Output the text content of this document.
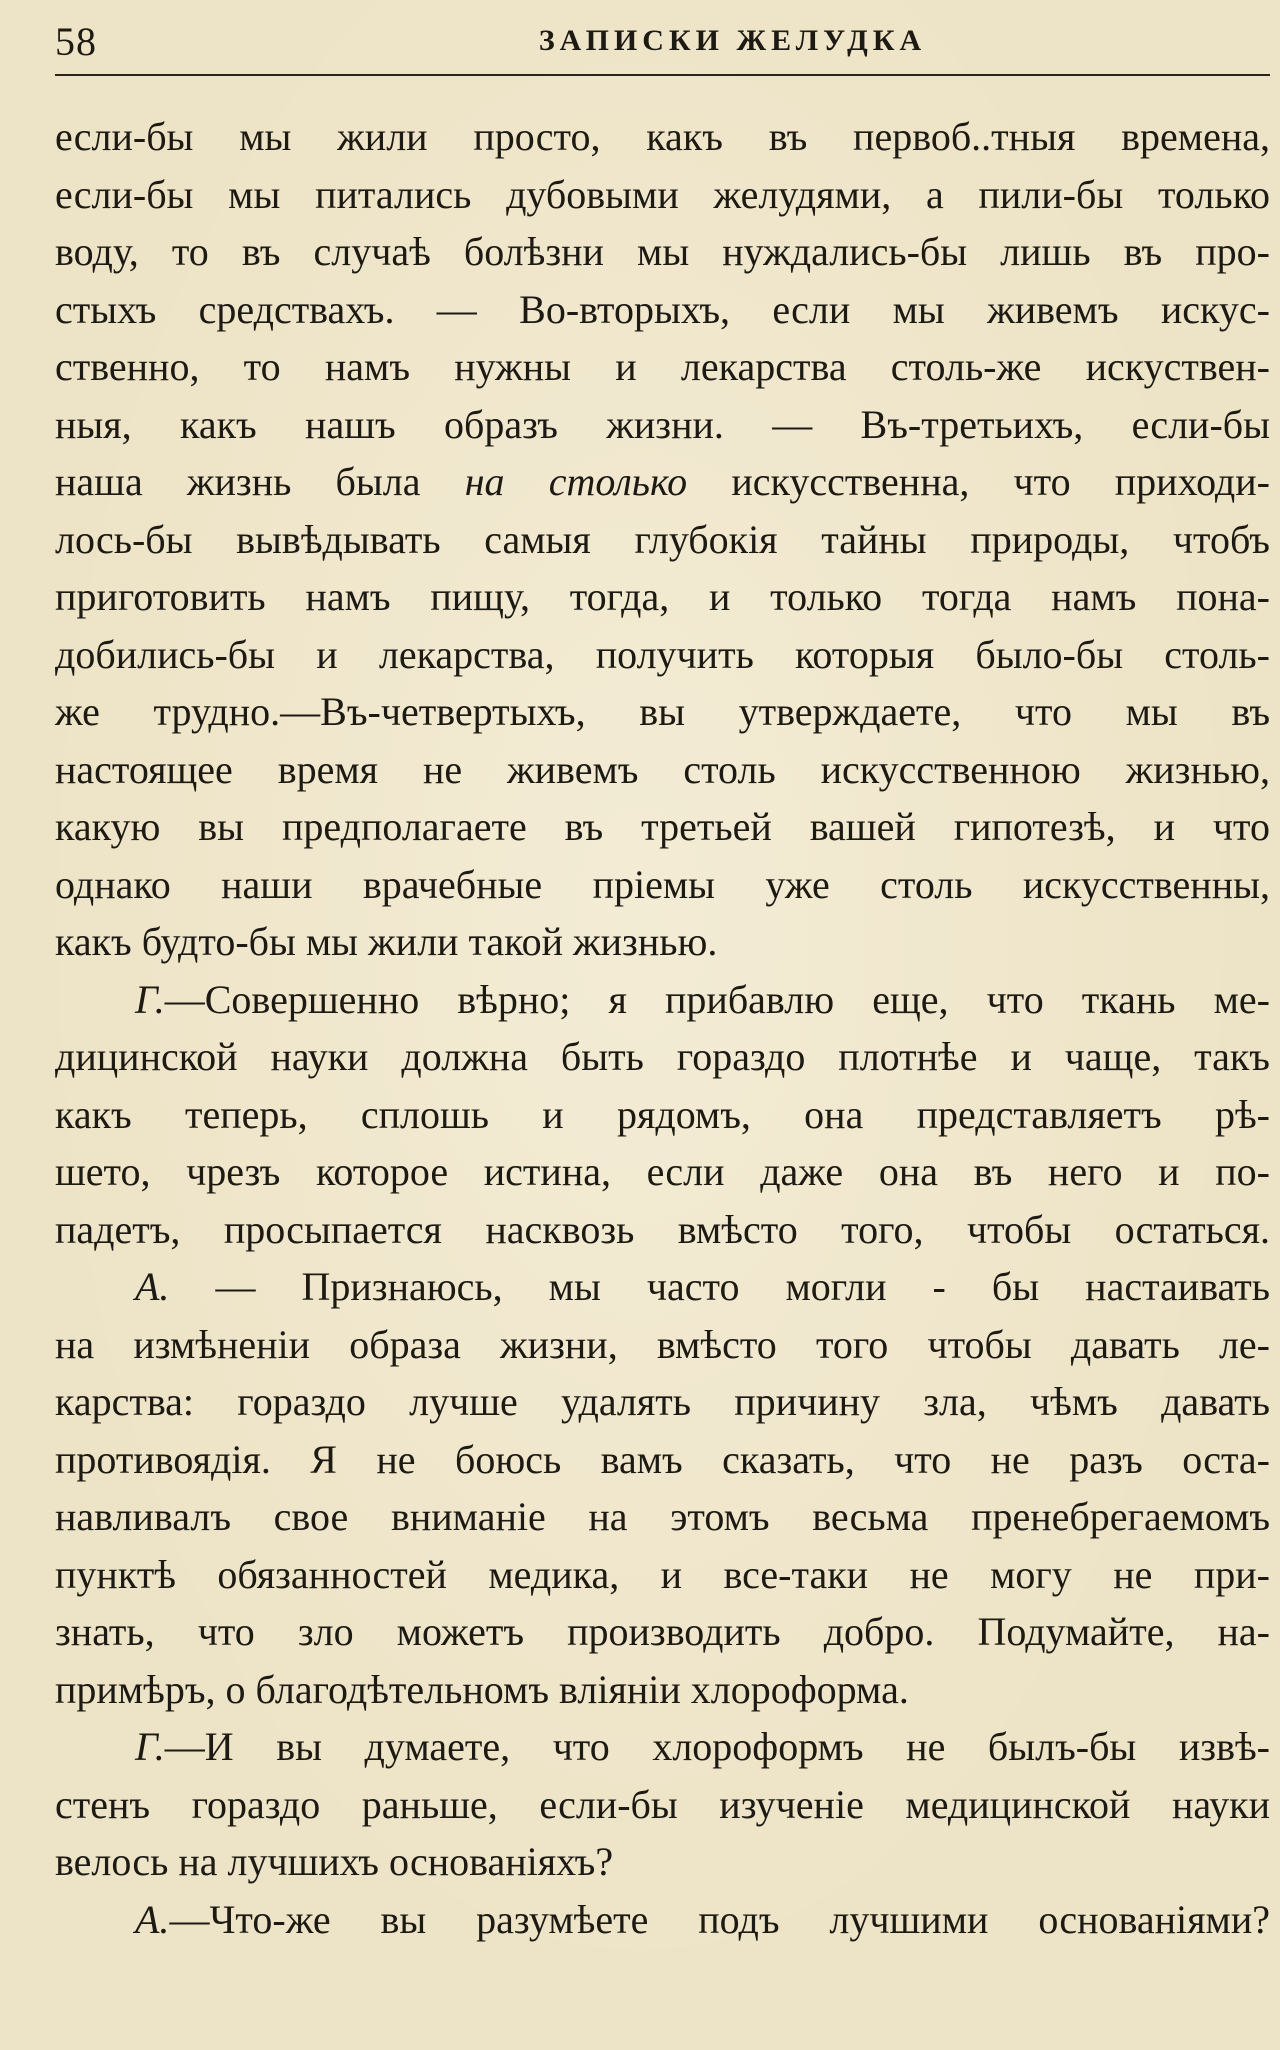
58	ЗАПИСКИ ЖЕЛУДКА
если-бы мы жили просто, какъ въ первоб..тныя времена,
если-бы мы питались дубовыми желудями, а пили-бы только
воду, то въ случаѣ болѣзни мы нуждались-бы лишь въ про-
стыхъ средствахъ. — Во-вторыхъ, если мы живемъ искус-
ственно, то намъ нужны и лекарства столь-же искуствен-
ныя, какъ нашъ образъ жизни. — Въ-третьихъ, если-бы
наша жизнь была на столько искусственна, что приходи-
лось-бы вывѣдывать самыя глубокія тайны природы, чтобъ
приготовить намъ пищу, тогда, и только тогда намъ пона-
добились-бы и лекарства, получить которыя было-бы столь-
же трудно.—Въ-четвертыхъ, вы утверждаете, что мы въ
настоящее время не живемъ столь искусственною жизнью,
какую вы предполагаете въ третьей вашей гипотезѣ, и что
однако наши врачебные пріемы уже столь искусственны,
какъ будто-бы мы жили такой жизнью.
Г.—Совершенно вѣрно; я прибавлю еще, что ткань ме-
дицинской науки должна быть гораздо плотнѣе и чаще, такъ
какъ теперь, сплошь и рядомъ, она представляетъ рѣ-
шето, чрезъ которое истина, если даже она въ него и по-
падетъ, просыпается насквозь вмѣсто того, чтобы остаться.
А. — Признаюсь, мы часто могли - бы настаивать
на измѣненіи образа жизни, вмѣсто того чтобы давать ле-
карства: гораздо лучше удалять причину зла, чѣмъ давать
противоядія. Я не боюсь вамъ сказать, что не разъ оста-
навливалъ свое вниманіе на этомъ весьма пренебрегаемомъ
пунктѣ обязанностей медика, и все-таки не могу не при-
знать, что зло можетъ производить добро. Подумайте, на-
примѣръ, о благодѣтельномъ вліяніи хлороформа.
Г.—И вы думаете, что хлороформъ не былъ-бы извѣ-
стенъ гораздо раньше, если-бы изученіе медицинской науки
велось на лучшихъ основаніяхъ?
А.—Что-же вы разумѣете подъ лучшими основаніями?
